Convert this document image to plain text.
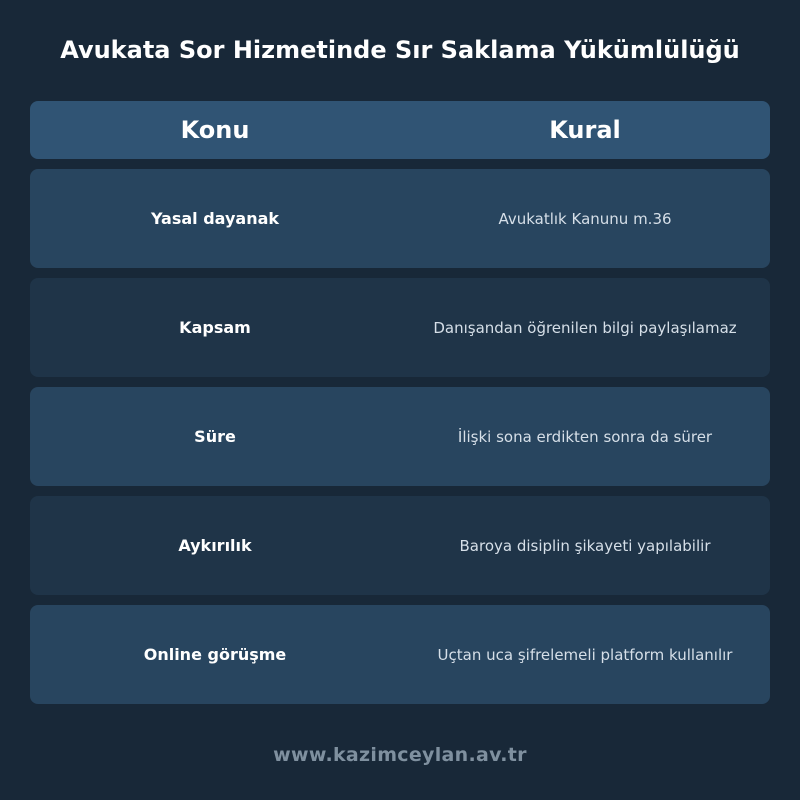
Avukata Sor Hizmetinde Sır Saklama Yükümlülüğü
Konu	Kural
Yasal dayanak	Avukatlık Kanunu m.36
Kapsam	Danışandan öğrenilen bilgi paylaşılamaz
Süre	İlişki sona erdikten sonra da sürer
Aykırılık	Baroya disiplin şikayeti yapılabilir
Online görüşme	Uçtan uca şifrelemeli platform kullanılır
www.kazimceylan.av.tr
